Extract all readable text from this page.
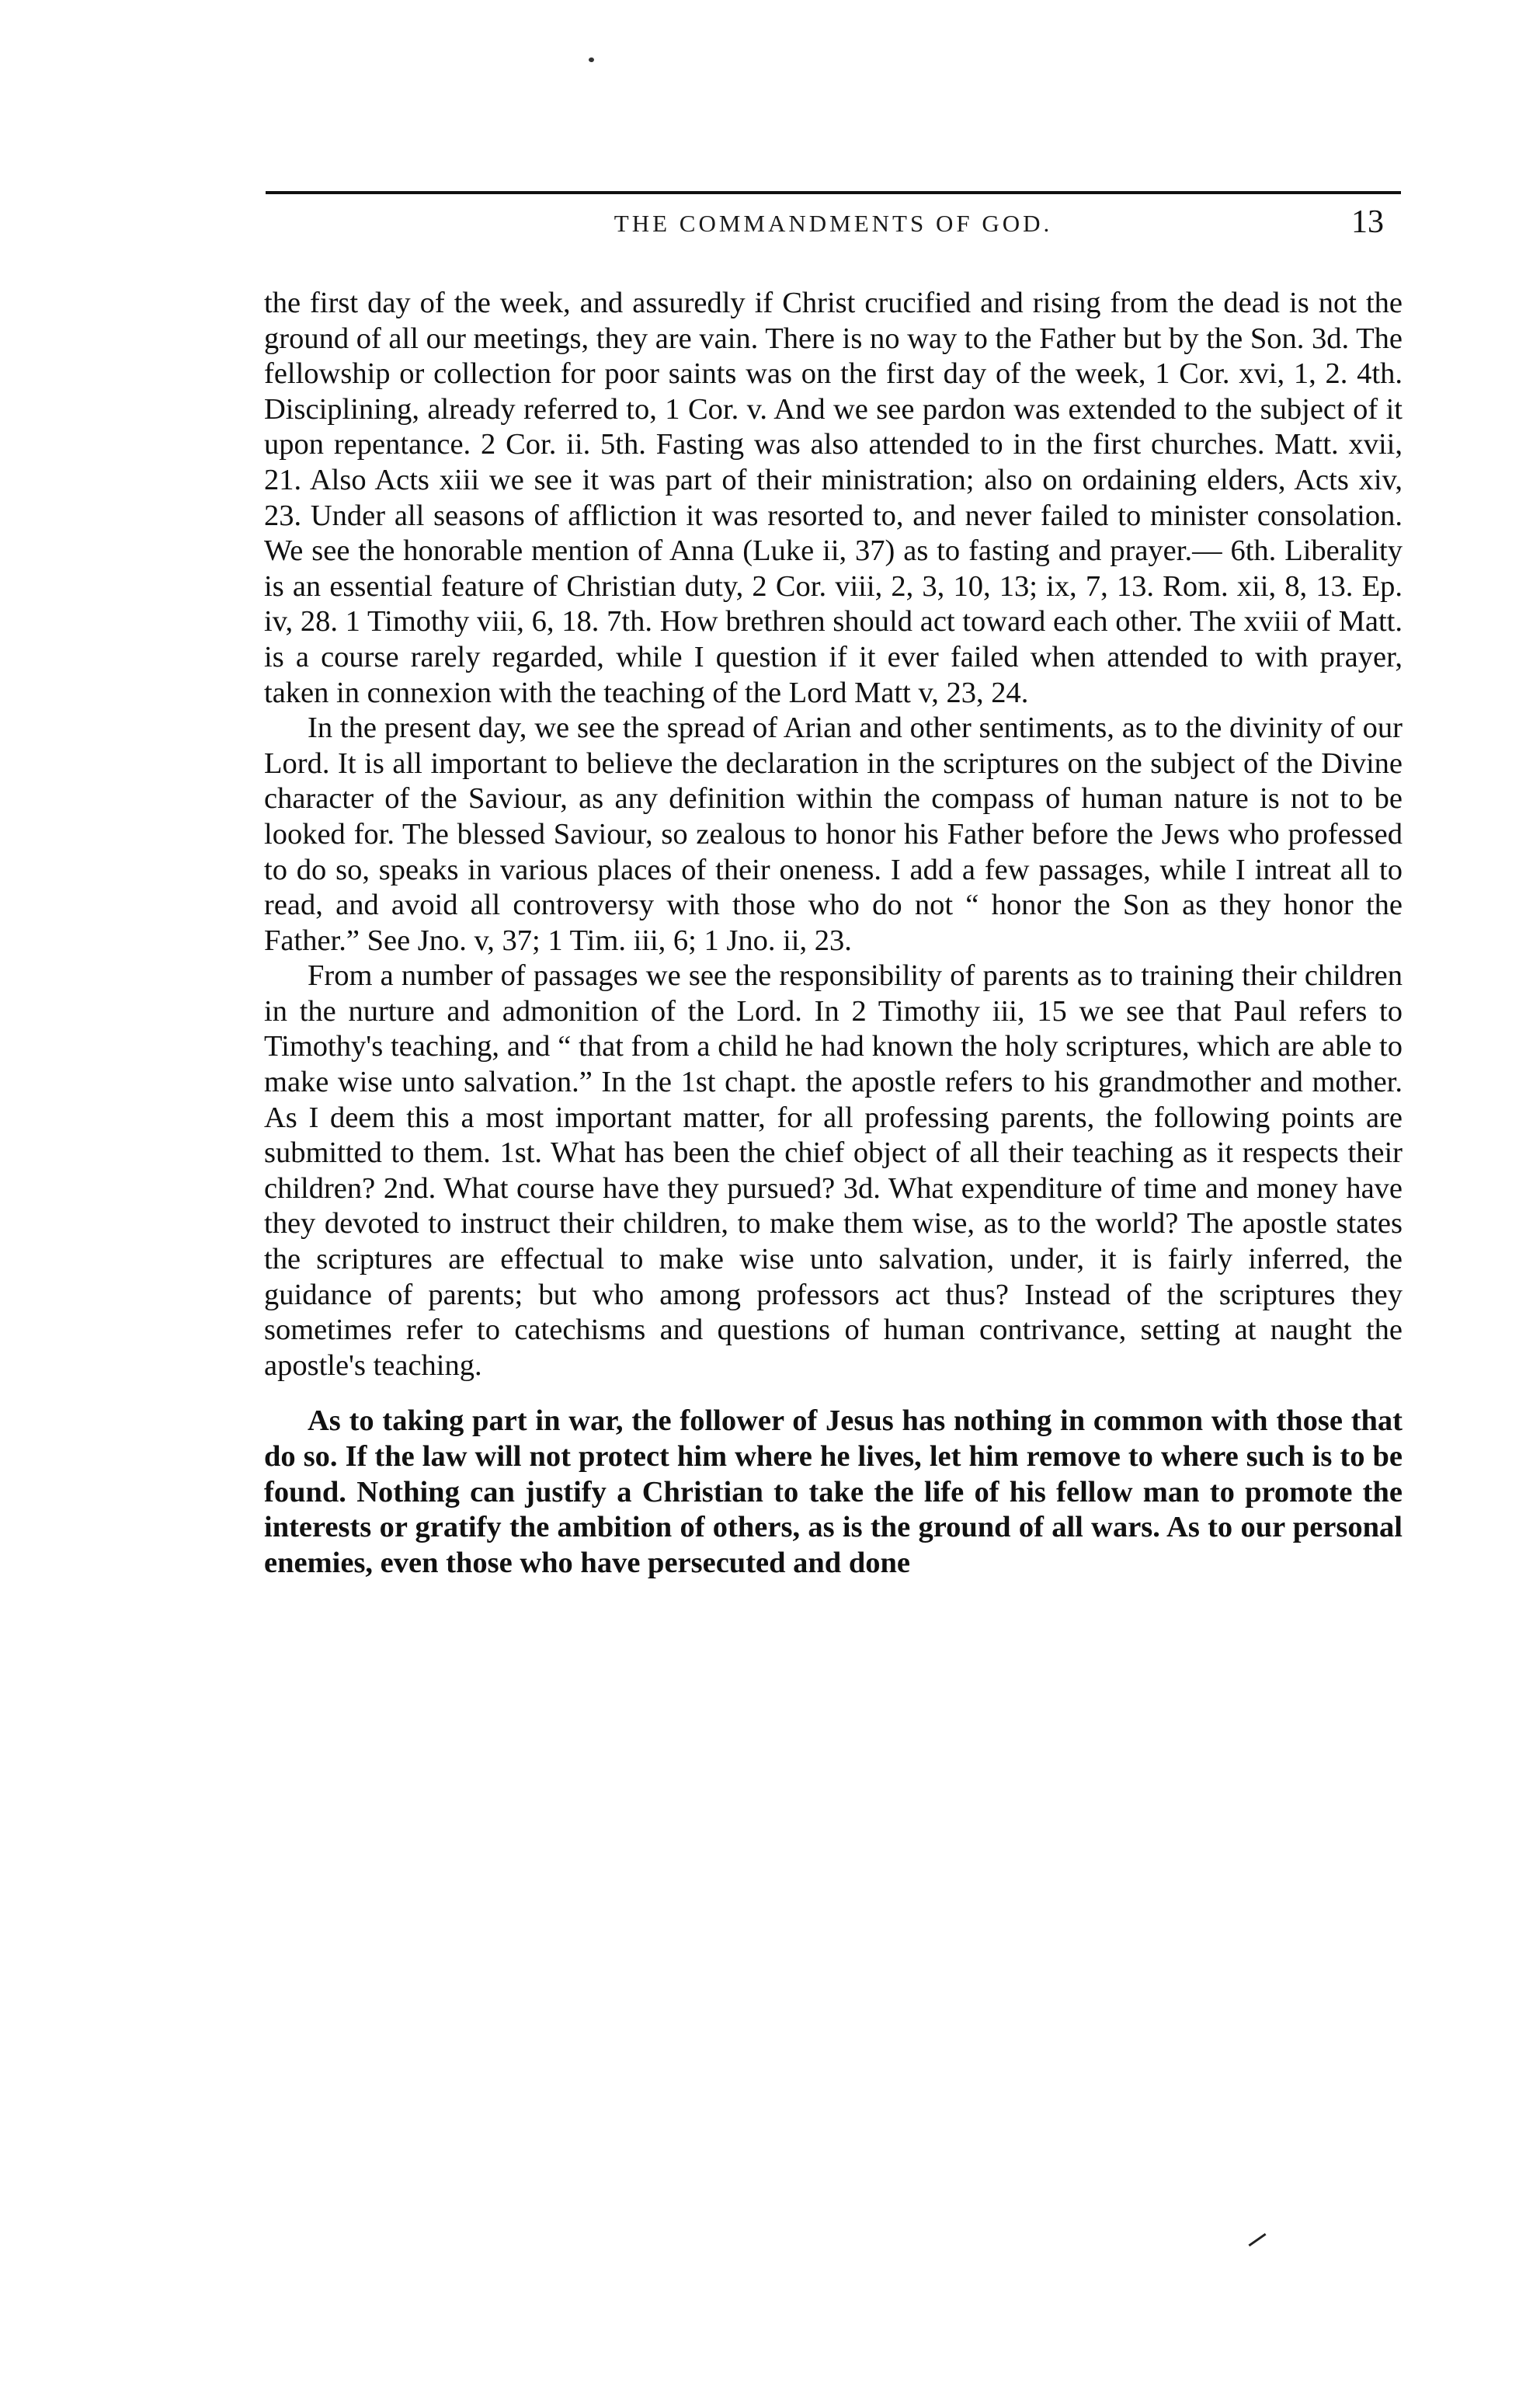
THE COMMANDMENTS OF GOD.	13

the first day of the week, and assuredly if Christ crucified and rising from the dead is not the ground of all our meetings, they are vain. There is no way to the Father but by the Son. 3d. The fellowship or collection for poor saints was on the first day of the week, 1 Cor. xvi, 1, 2. 4th. Disciplining, already referred to, 1 Cor. v. And we see pardon was extended to the subject of it upon repentance. 2 Cor. ii. 5th. Fasting was also attended to in the first churches. Matt. xvii, 21. Also Acts xiii we see it was part of their ministration; also on ordaining elders, Acts xiv, 23. Under all seasons of affliction it was resorted to, and never failed to minister consolation. We see the honorable mention of Anna (Luke ii, 37) as to fasting and prayer.— 6th. Liberality is an essential feature of Christian duty, 2 Cor. viii, 2, 3, 10, 13; ix, 7, 13. Rom. xii, 8, 13. Ep. iv, 28. 1 Timothy viii, 6, 18. 7th. How brethren should act toward each other. The xviii of Matt. is a course rarely regarded, while I question if it ever failed when attended to with prayer, taken in connexion with the teaching of the Lord Matt v, 23, 24.

In the present day, we see the spread of Arian and other sentiments, as to the divinity of our Lord. It is all important to believe the declaration in the scriptures on the subject of the Divine character of the Saviour, as any definition within the compass of human nature is not to be looked for. The blessed Saviour, so zealous to honor his Father before the Jews who professed to do so, speaks in various places of their oneness. I add a few passages, while I intreat all to read, and avoid all controversy with those who do not “ honor the Son as they honor the Father.” See Jno. v, 37; 1 Tim. iii, 6; 1 Jno. ii, 23.

From a number of passages we see the responsibility of parents as to training their children in the nurture and admonition of the Lord. In 2 Timothy iii, 15 we see that Paul refers to Timothy's teaching, and “ that from a child he had known the holy scriptures, which are able to make wise unto salvation.” In the 1st chapt. the apostle refers to his grandmother and mother. As I deem this a most important matter, for all professing parents, the following points are submitted to them. 1st. What has been the chief object of all their teaching as it respects their children? 2nd. What course have they pursued? 3d. What expenditure of time and money have they devoted to instruct their children, to make them wise, as to the world? The apostle states the scriptures are effectual to make wise unto salvation, under, it is fairly inferred, the guidance of parents; but who among professors act thus? Instead of the scriptures they sometimes refer to catechisms and questions of human contrivance, setting at naught the apostle's teaching.

As to taking part in war, the follower of Jesus has nothing in common with those that do so. If the law will not protect him where he lives, let him remove to where such is to be found. Nothing can justify a Christian to take the life of his fellow man to promote the interests or gratify the ambition of others, as is the ground of all wars. As to our personal enemies, even those who have persecuted and done
